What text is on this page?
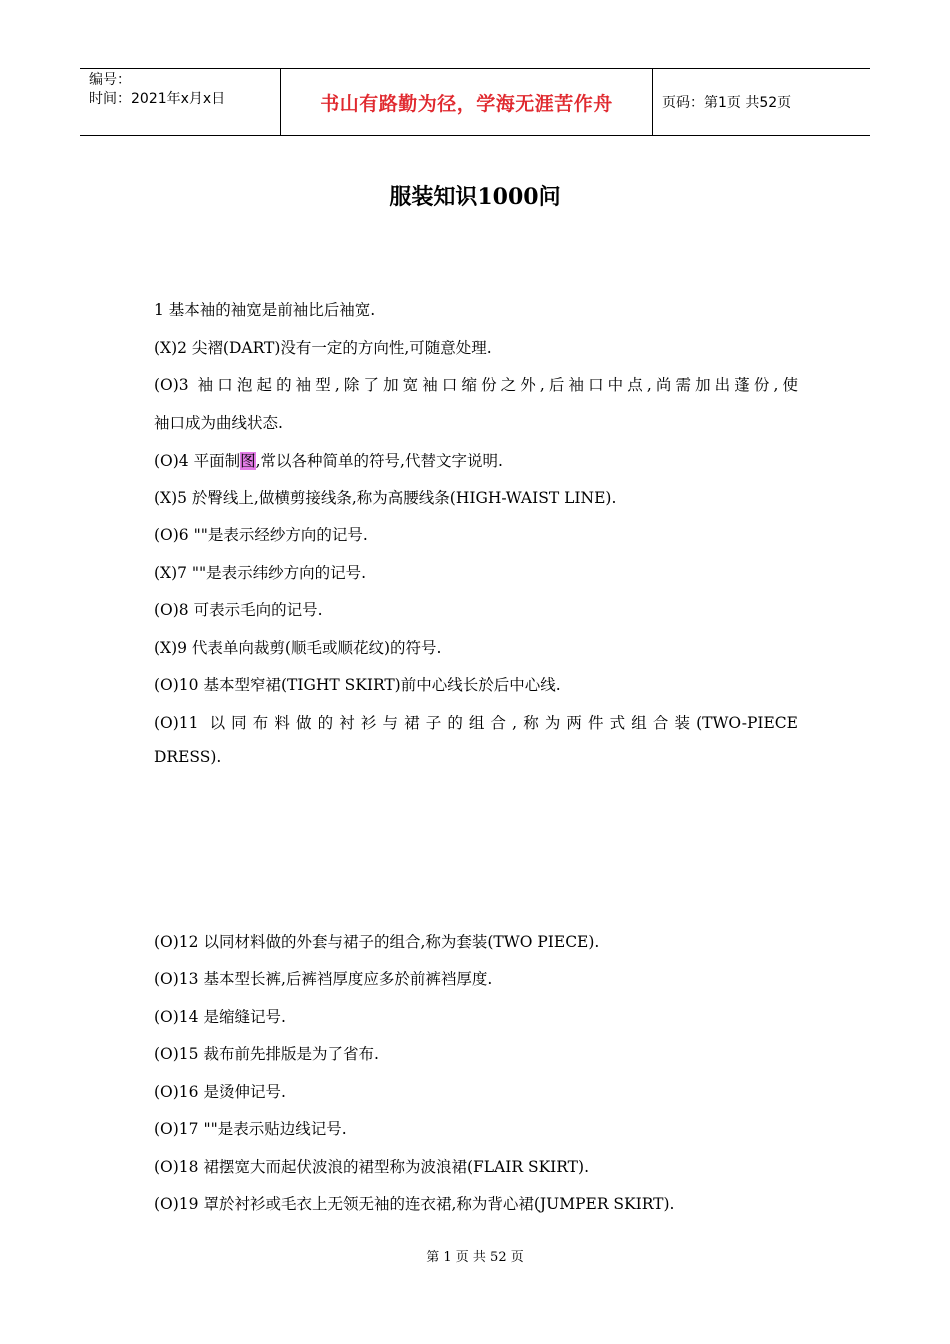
编号：
时间：2021年x月x日	书山有路勤为径，学海无涯苦作舟	页码：第1页 共52页
服装知识1000问
1 基本袖的袖宽是前袖比后袖宽.
(X)2 尖褶(DART)没有一定的方向性,可随意处理.
(O)3 袖口泡起的袖型,除了加宽袖口缩份之外,后袖口中点,尚需加出蓬份,使
袖口成为曲线状态.
(O)4 平面制图,常以各种简单的符号,代替文字说明.
(X)5 於臀线上,做横剪接线条,称为高腰线条(HIGH-WAIST LINE).
(O)6 ""是表示经纱方向的记号.
(X)7 ""是表示纬纱方向的记号.
(O)8 可表示毛向的记号.
(X)9 代表单向裁剪(顺毛或顺花纹)的符号.
(O)10 基本型窄裙(TIGHT SKIRT)前中心线长於后中心线.
(O)11 以同布料做的衬衫与裙子的组合,称为两件式组合装(TWO-PIECE
DRESS).
(O)12 以同材料做的外套与裙子的组合,称为套装(TWO PIECE).
(O)13 基本型长裤,后裤裆厚度应多於前裤裆厚度.
(O)14 是缩缝记号.
(O)15 裁布前先排版是为了省布.
(O)16 是烫伸记号.
(O)17 ""是表示贴边线记号.
(O)18 裙摆宽大而起伏波浪的裙型称为波浪裙(FLAIR SKIRT).
(O)19 罩於衬衫或毛衣上无领无袖的连衣裙,称为背心裙(JUMPER SKIRT).
第 1 页 共 52 页
